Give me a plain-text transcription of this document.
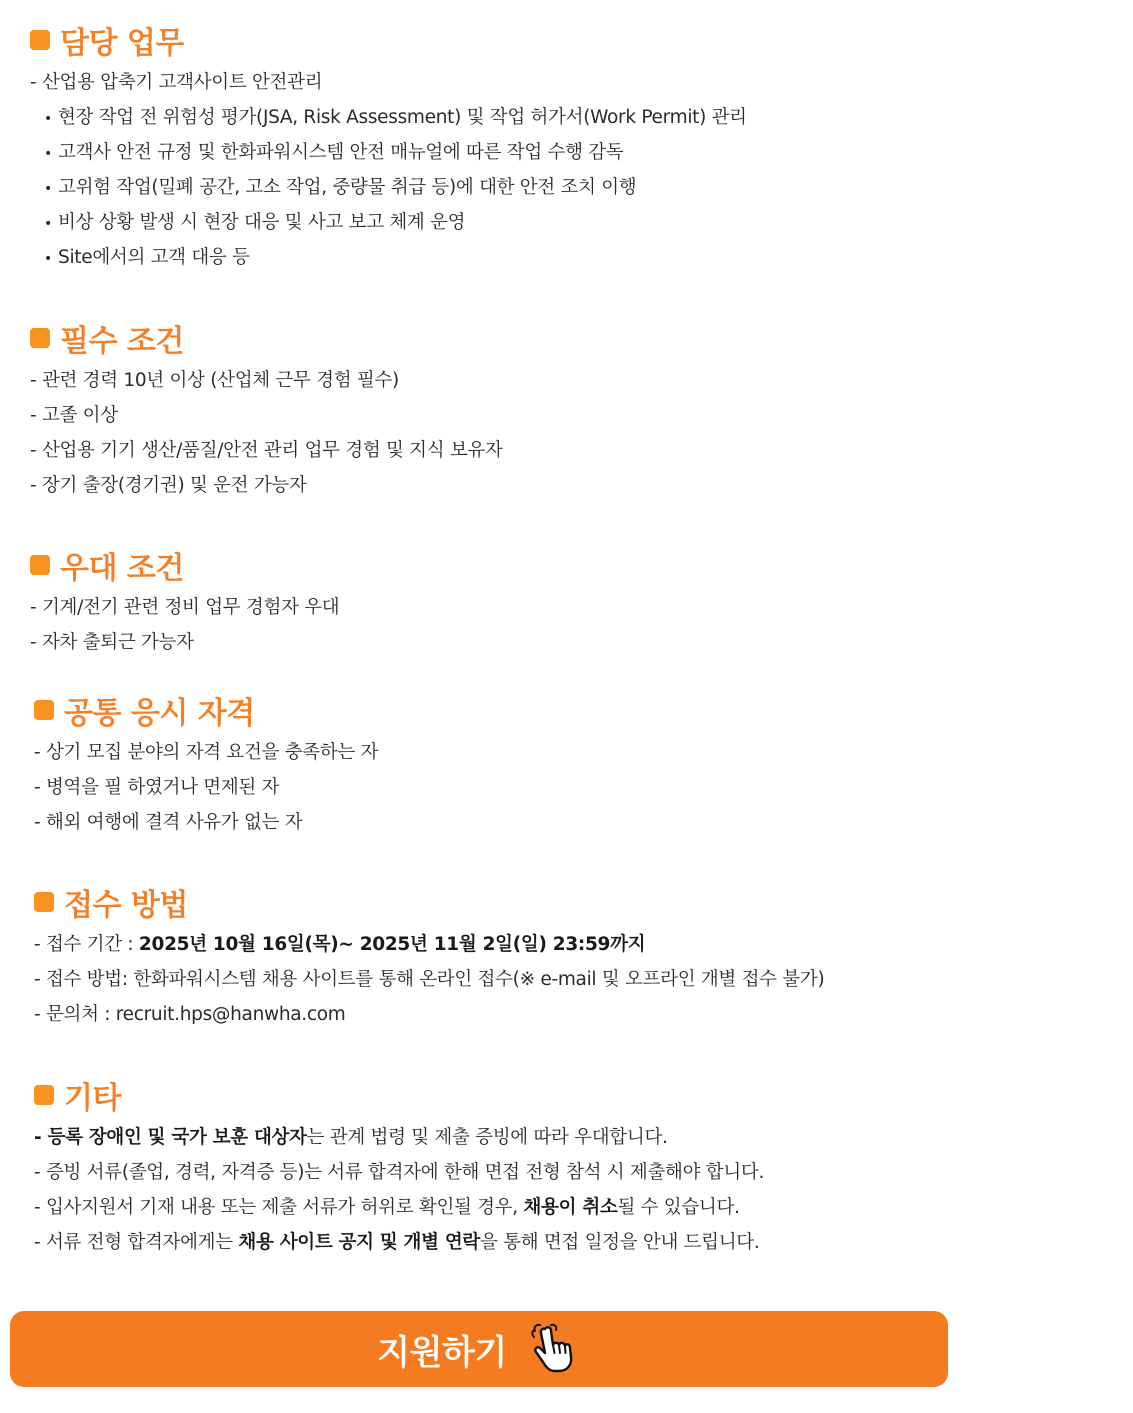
담당 업무
- 산업용 압축기 고객사이트 안전관리
• 현장 작업 전 위험성 평가(JSA, Risk Assessment) 및 작업 허가서(Work Permit) 관리
• 고객사 안전 규정 및 한화파워시스템 안전 매뉴얼에 따른 작업 수행 감독
• 고위험 작업(밀폐 공간, 고소 작업, 중량물 취급 등)에 대한 안전 조치 이행
• 비상 상황 발생 시 현장 대응 및 사고 보고 체계 운영
• Site에서의 고객 대응 등
필수 조건
- 관련 경력 10년 이상 (산업체 근무 경험 필수)
- 고졸 이상
- 산업용 기기 생산/품질/안전 관리 업무 경험 및 지식 보유자
- 장기 출장(경기권) 및 운전 가능자
우대 조건
- 기계/전기 관련 정비 업무 경험자 우대
- 자차 출퇴근 가능자
공통 응시 자격
- 상기 모집 분야의 자격 요건을 충족하는 자
- 병역을 필 하였거나 면제된 자
- 해외 여행에 결격 사유가 없는 자
접수 방법
- 접수 기간 : 2025년 10월 16일(목)~ 2025년 11월 2일(일) 23:59까지
- 접수 방법: 한화파워시스템 채용 사이트를 통해 온라인 접수(※ e-mail 및 오프라인 개별 접수 불가)
- 문의처 : recruit.hps@hanwha.com
기타
- 등록 장애인 및 국가 보훈 대상자는 관계 법령 및 제출 증빙에 따라 우대합니다.
- 증빙 서류(졸업, 경력, 자격증 등)는 서류 합격자에 한해 면접 전형 참석 시 제출해야 합니다.
- 입사지원서 기재 내용 또는 제출 서류가 허위로 확인될 경우, 채용이 취소될 수 있습니다.
- 서류 전형 합격자에게는 채용 사이트 공지 및 개별 연락을 통해 면접 일정을 안내 드립니다.
지원하기
